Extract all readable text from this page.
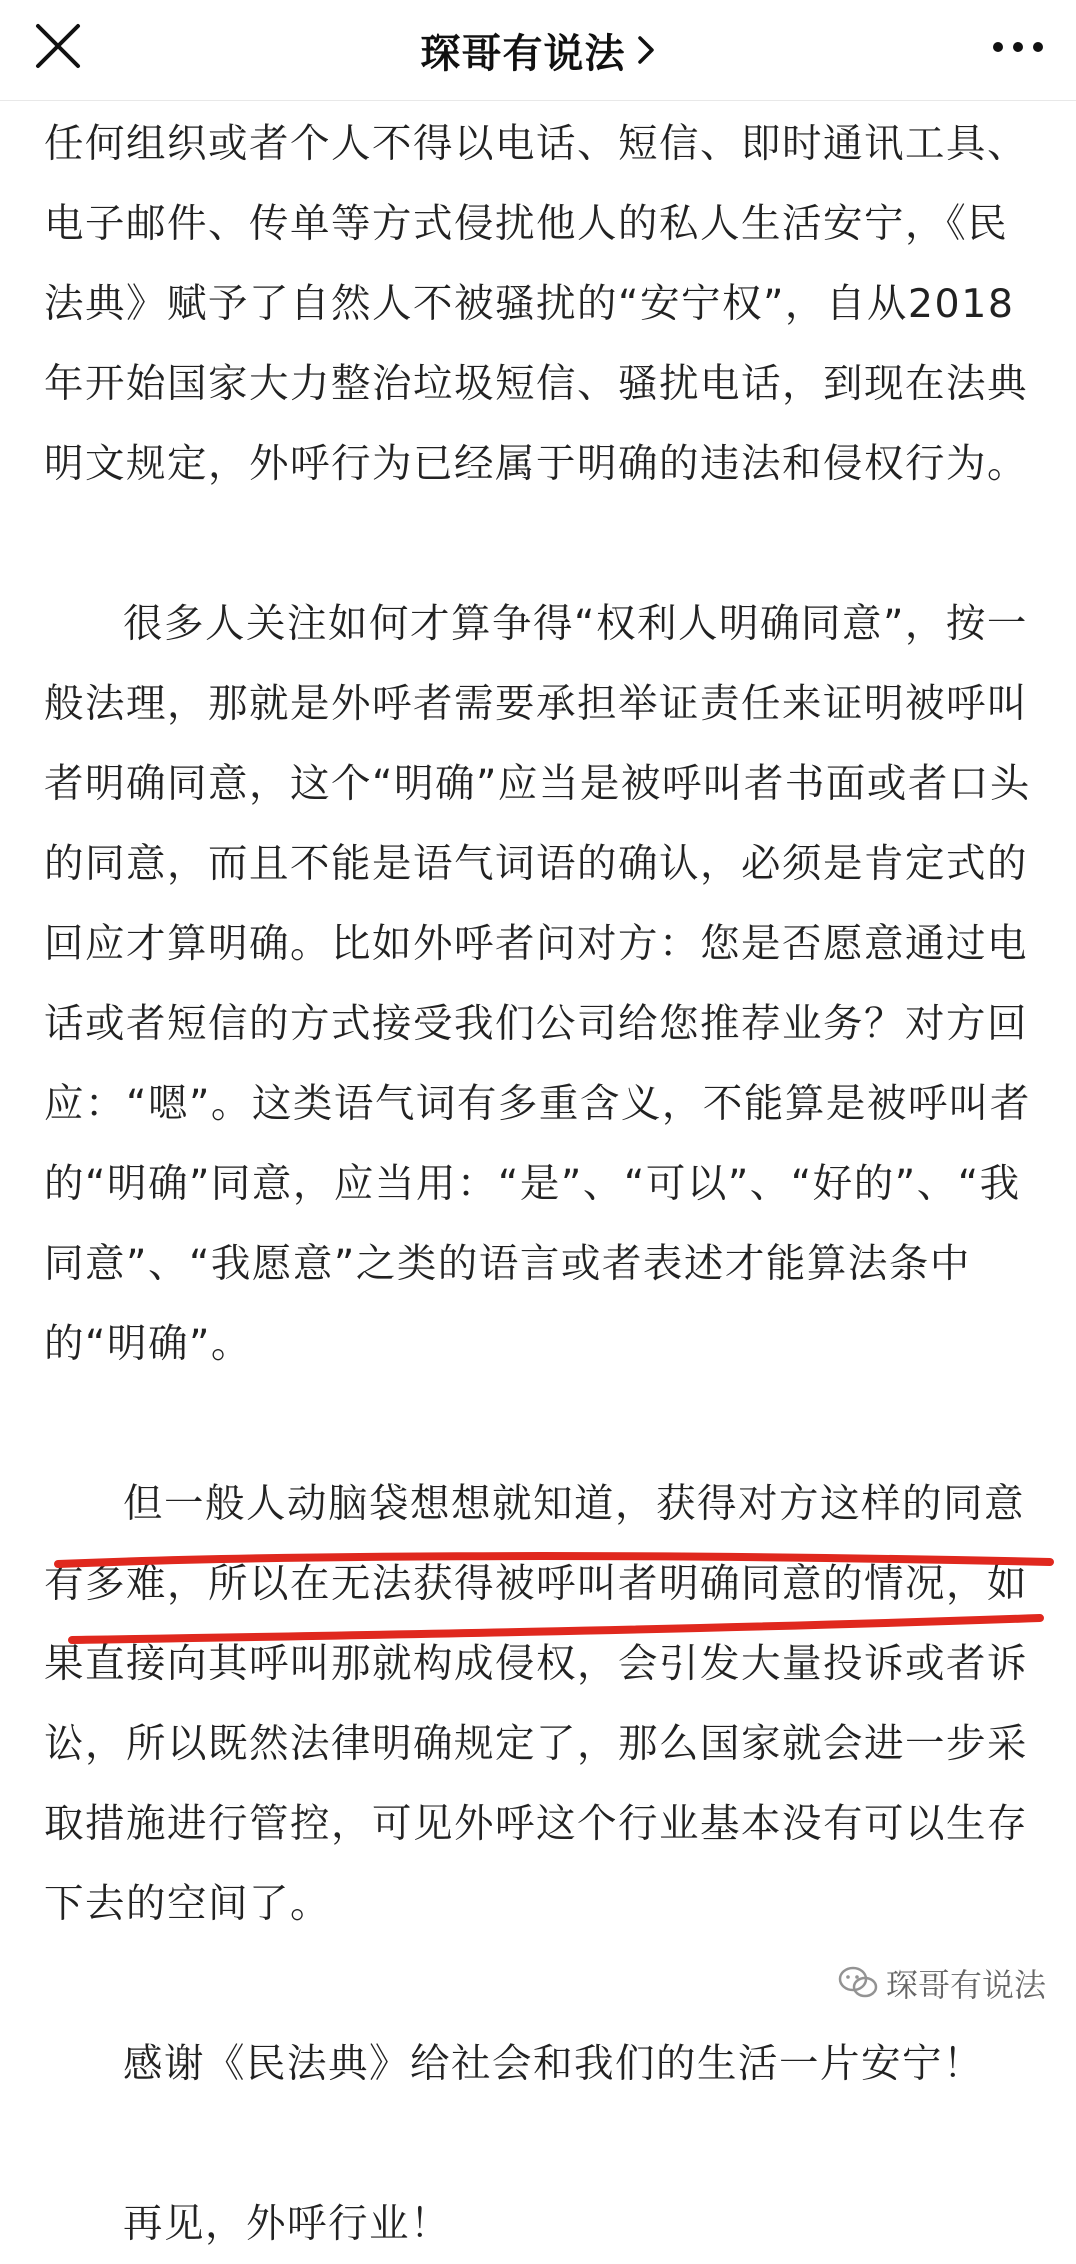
琛哥有说法

任何组织或者个人不得以电话、短信、即时通讯工具、电子邮件、传单等方式侵扰他人的私人生活安宁，《民法典》赋予了自然人不被骚扰的“安宁权”，自从2018年开始国家大力整治垃圾短信、骚扰电话，到现在法典明文规定，外呼行为已经属于明确的违法和侵权行为。

很多人关注如何才算争得“权利人明确同意”，按一般法理，那就是外呼者需要承担举证责任来证明被呼叫者明确同意，这个“明确”应当是被呼叫者书面或者口头的同意，而且不能是语气词语的确认，必须是肯定式的回应才算明确。比如外呼者问对方：您是否愿意通过电话或者短信的方式接受我们公司给您推荐业务？对方回应：“嗯”。这类语气词有多重含义，不能算是被呼叫者的“明确”同意，应当用：“是”、“可以”、“好的”、“我同意”、“我愿意”之类的语言或者表述才能算法条中的“明确”。

但一般人动脑袋想想就知道，获得对方这样的同意有多难，所以在无法获得被呼叫者明确同意的情况，如果直接向其呼叫那就构成侵权，会引发大量投诉或者诉讼，所以既然法律明确规定了，那么国家就会进一步采取措施进行管控，可见外呼这个行业基本没有可以生存下去的空间了。

感谢《民法典》给社会和我们的生活一片安宁！

再见，外呼行业！

琛哥有说法
